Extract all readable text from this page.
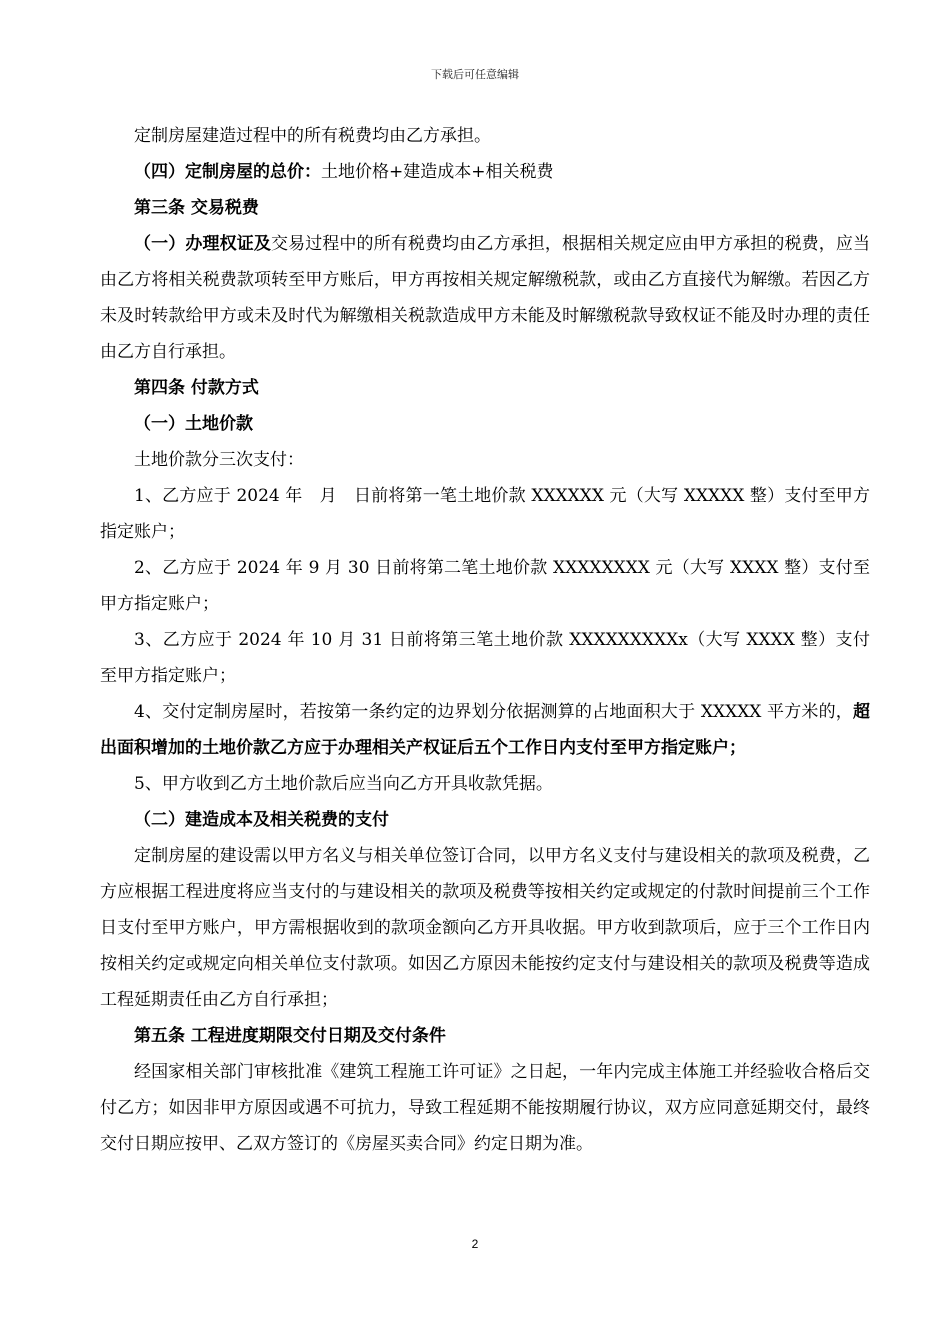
下载后可任意编辑

定制房屋建造过程中的所有税费均由乙方承担。

（四）定制房屋的总价：土地价格+建造成本+相关税费

第三条 交易税费

（一）办理权证及交易过程中的所有税费均由乙方承担，根据相关规定应由甲方承担的税费，应当由乙方将相关税费款项转至甲方账后，甲方再按相关规定解缴税款，或由乙方直接代为解缴。若因乙方未及时转款给甲方或未及时代为解缴相关税款造成甲方未能及时解缴税款导致权证不能及时办理的责任由乙方自行承担。

第四条 付款方式

（一）土地价款

土地价款分三次支付：

1、乙方应于 2024 年　月　日前将第一笔土地价款 XXXXXX 元（大写 XXXXX 整）支付至甲方指定账户；

2、乙方应于 2024 年 9 月 30 日前将第二笔土地价款 XXXXXXXX 元（大写 XXXX 整）支付至甲方指定账户；

3、乙方应于 2024 年 10 月 31 日前将第三笔土地价款 XXXXXXXXXx（大写 XXXX 整）支付至甲方指定账户；

4、交付定制房屋时，若按第一条约定的边界划分依据测算的占地面积大于 XXXXX 平方米的，超出面积增加的土地价款乙方应于办理相关产权证后五个工作日内支付至甲方指定账户；

5、甲方收到乙方土地价款后应当向乙方开具收款凭据。

（二）建造成本及相关税费的支付

定制房屋的建设需以甲方名义与相关单位签订合同，以甲方名义支付与建设相关的款项及税费，乙方应根据工程进度将应当支付的与建设相关的款项及税费等按相关约定或规定的付款时间提前三个工作日支付至甲方账户，甲方需根据收到的款项金额向乙方开具收据。甲方收到款项后，应于三个工作日内按相关约定或规定向相关单位支付款项。如因乙方原因未能按约定支付与建设相关的款项及税费等造成工程延期责任由乙方自行承担；

第五条 工程进度期限交付日期及交付条件

经国家相关部门审核批准《建筑工程施工许可证》之日起，一年内完成主体施工并经验收合格后交付乙方；如因非甲方原因或遇不可抗力，导致工程延期不能按期履行协议，双方应同意延期交付，最终交付日期应按甲、乙双方签订的《房屋买卖合同》约定日期为准。

2
